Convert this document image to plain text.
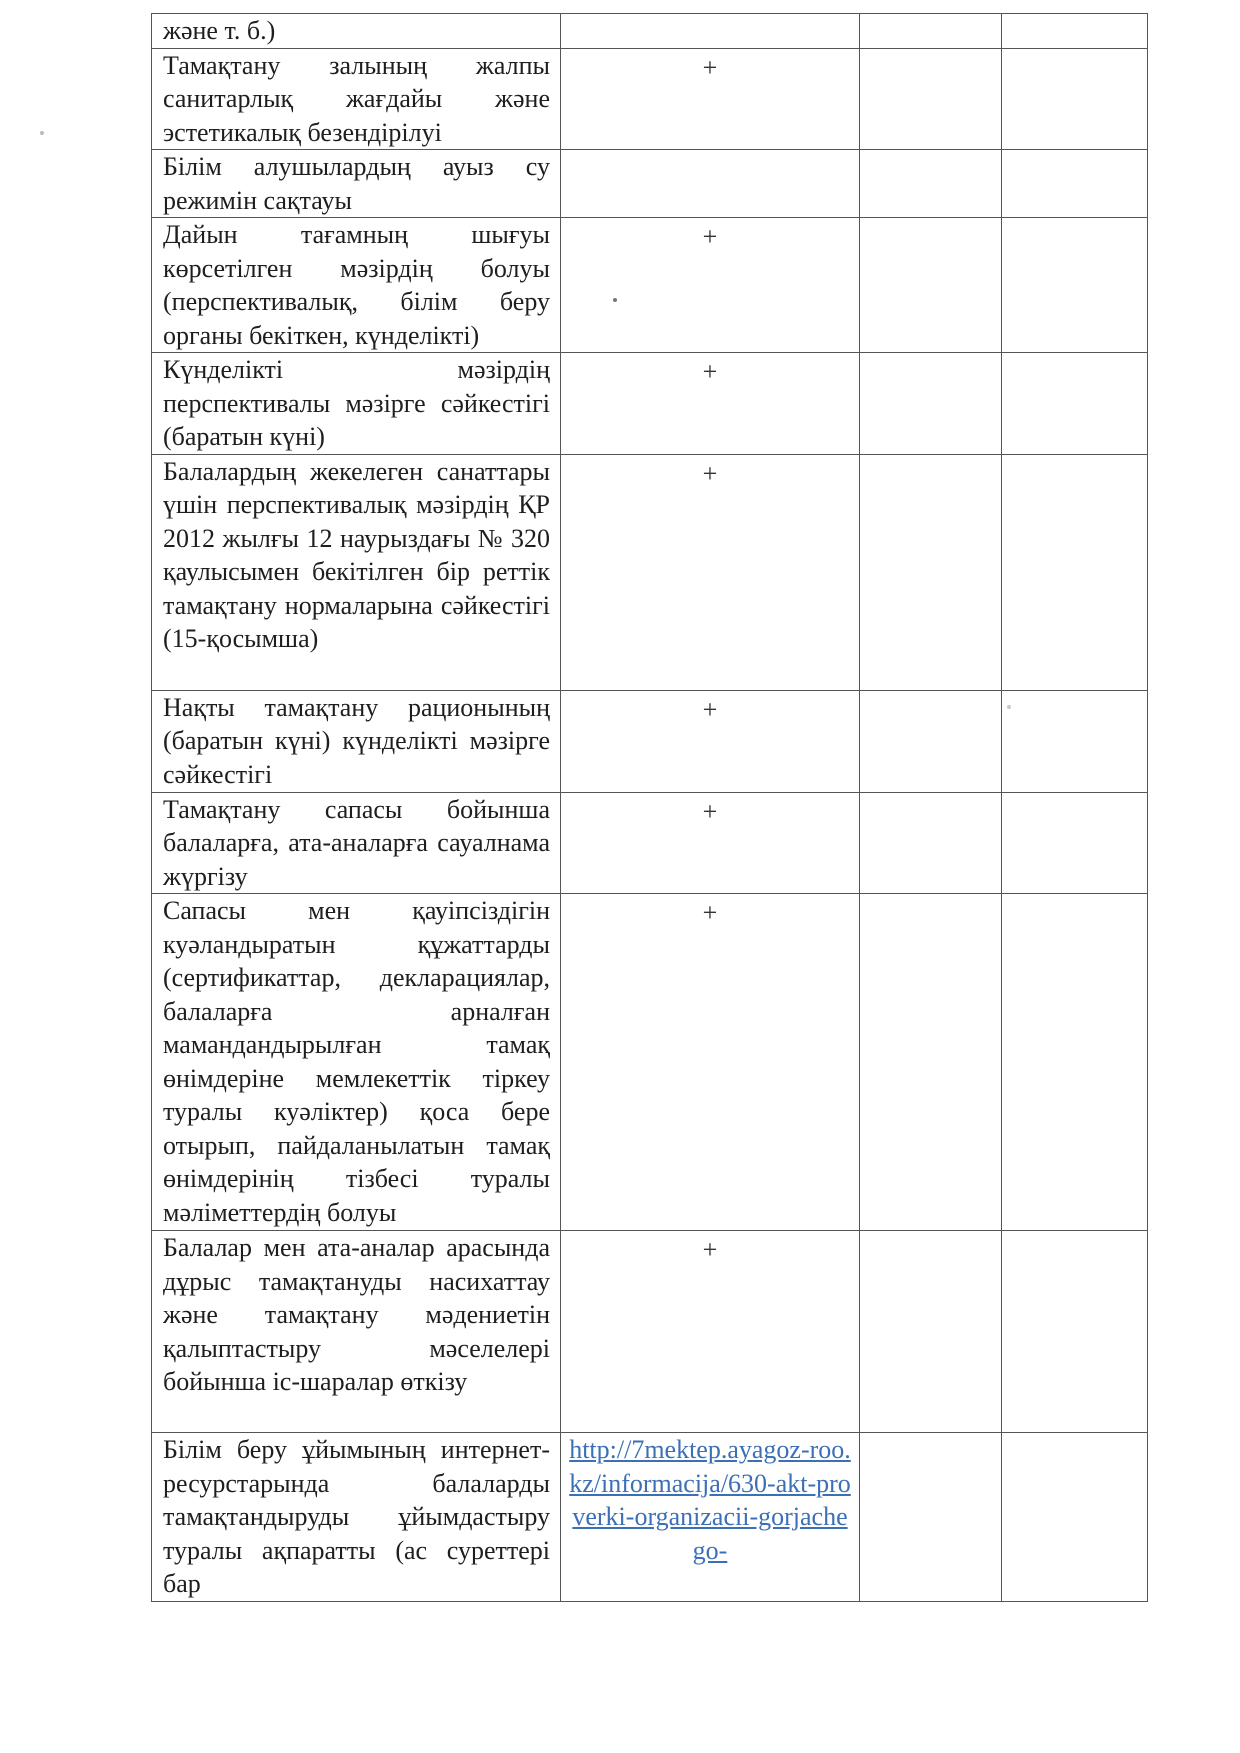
және т. б.)			

Тамақтану залының жалпы санитарлық жағдайы және эстетикалық безендірілуі	+		

Білім алушылардың ауыз су режимін сақтауы			

Дайын тағамның шығуы көрсетілген мәзірдің болуы (перспективалық, білім беру органы бекіткен, күнделікті)	+		

Күнделікті мәзірдің перспективалы мәзірге сәйкестігі (баратын күні)	+		

Балалардың жекелеген санаттары үшін перспективалық мәзірдің ҚР 2012 жылғы 12 наурыздағы № 320 қаулысымен бекітілген бір реттік тамақтану нормаларына сәйкестігі (15-қосымша)	+		

Нақты тамақтану рационының (баратын күні) күнделікті мәзірге сәйкестігі	+		

Тамақтану сапасы бойынша балаларға, ата-аналарға сауалнама жүргізу	+		

Сапасы мен қауіпсіздігін куәландыратын құжаттарды (сертификаттар, декларациялар, балаларға арналған мамандандырылған тамақ өнімдеріне мемлекеттік тіркеу туралы куәліктер) қоса бере отырып, пайдаланылатын тамақ өнімдерінің тізбесі туралы мәліметтердің болуы	+		

Балалар мен ата-аналар арасында дұрыс тамақтануды насихаттау және тамақтану мәдениетін қалыптастыру мәселелері бойынша іс-шаралар өткізу	+		

Білім беру ұйымының интернет-ресурстарында балаларды тамақтандыруды ұйымдастыру туралы ақпаратты (ас суреттері бар	http://7mektep.ayagoz-roo.kz/informacija/630-akt-proverki-organizacii-gorjachego-		
